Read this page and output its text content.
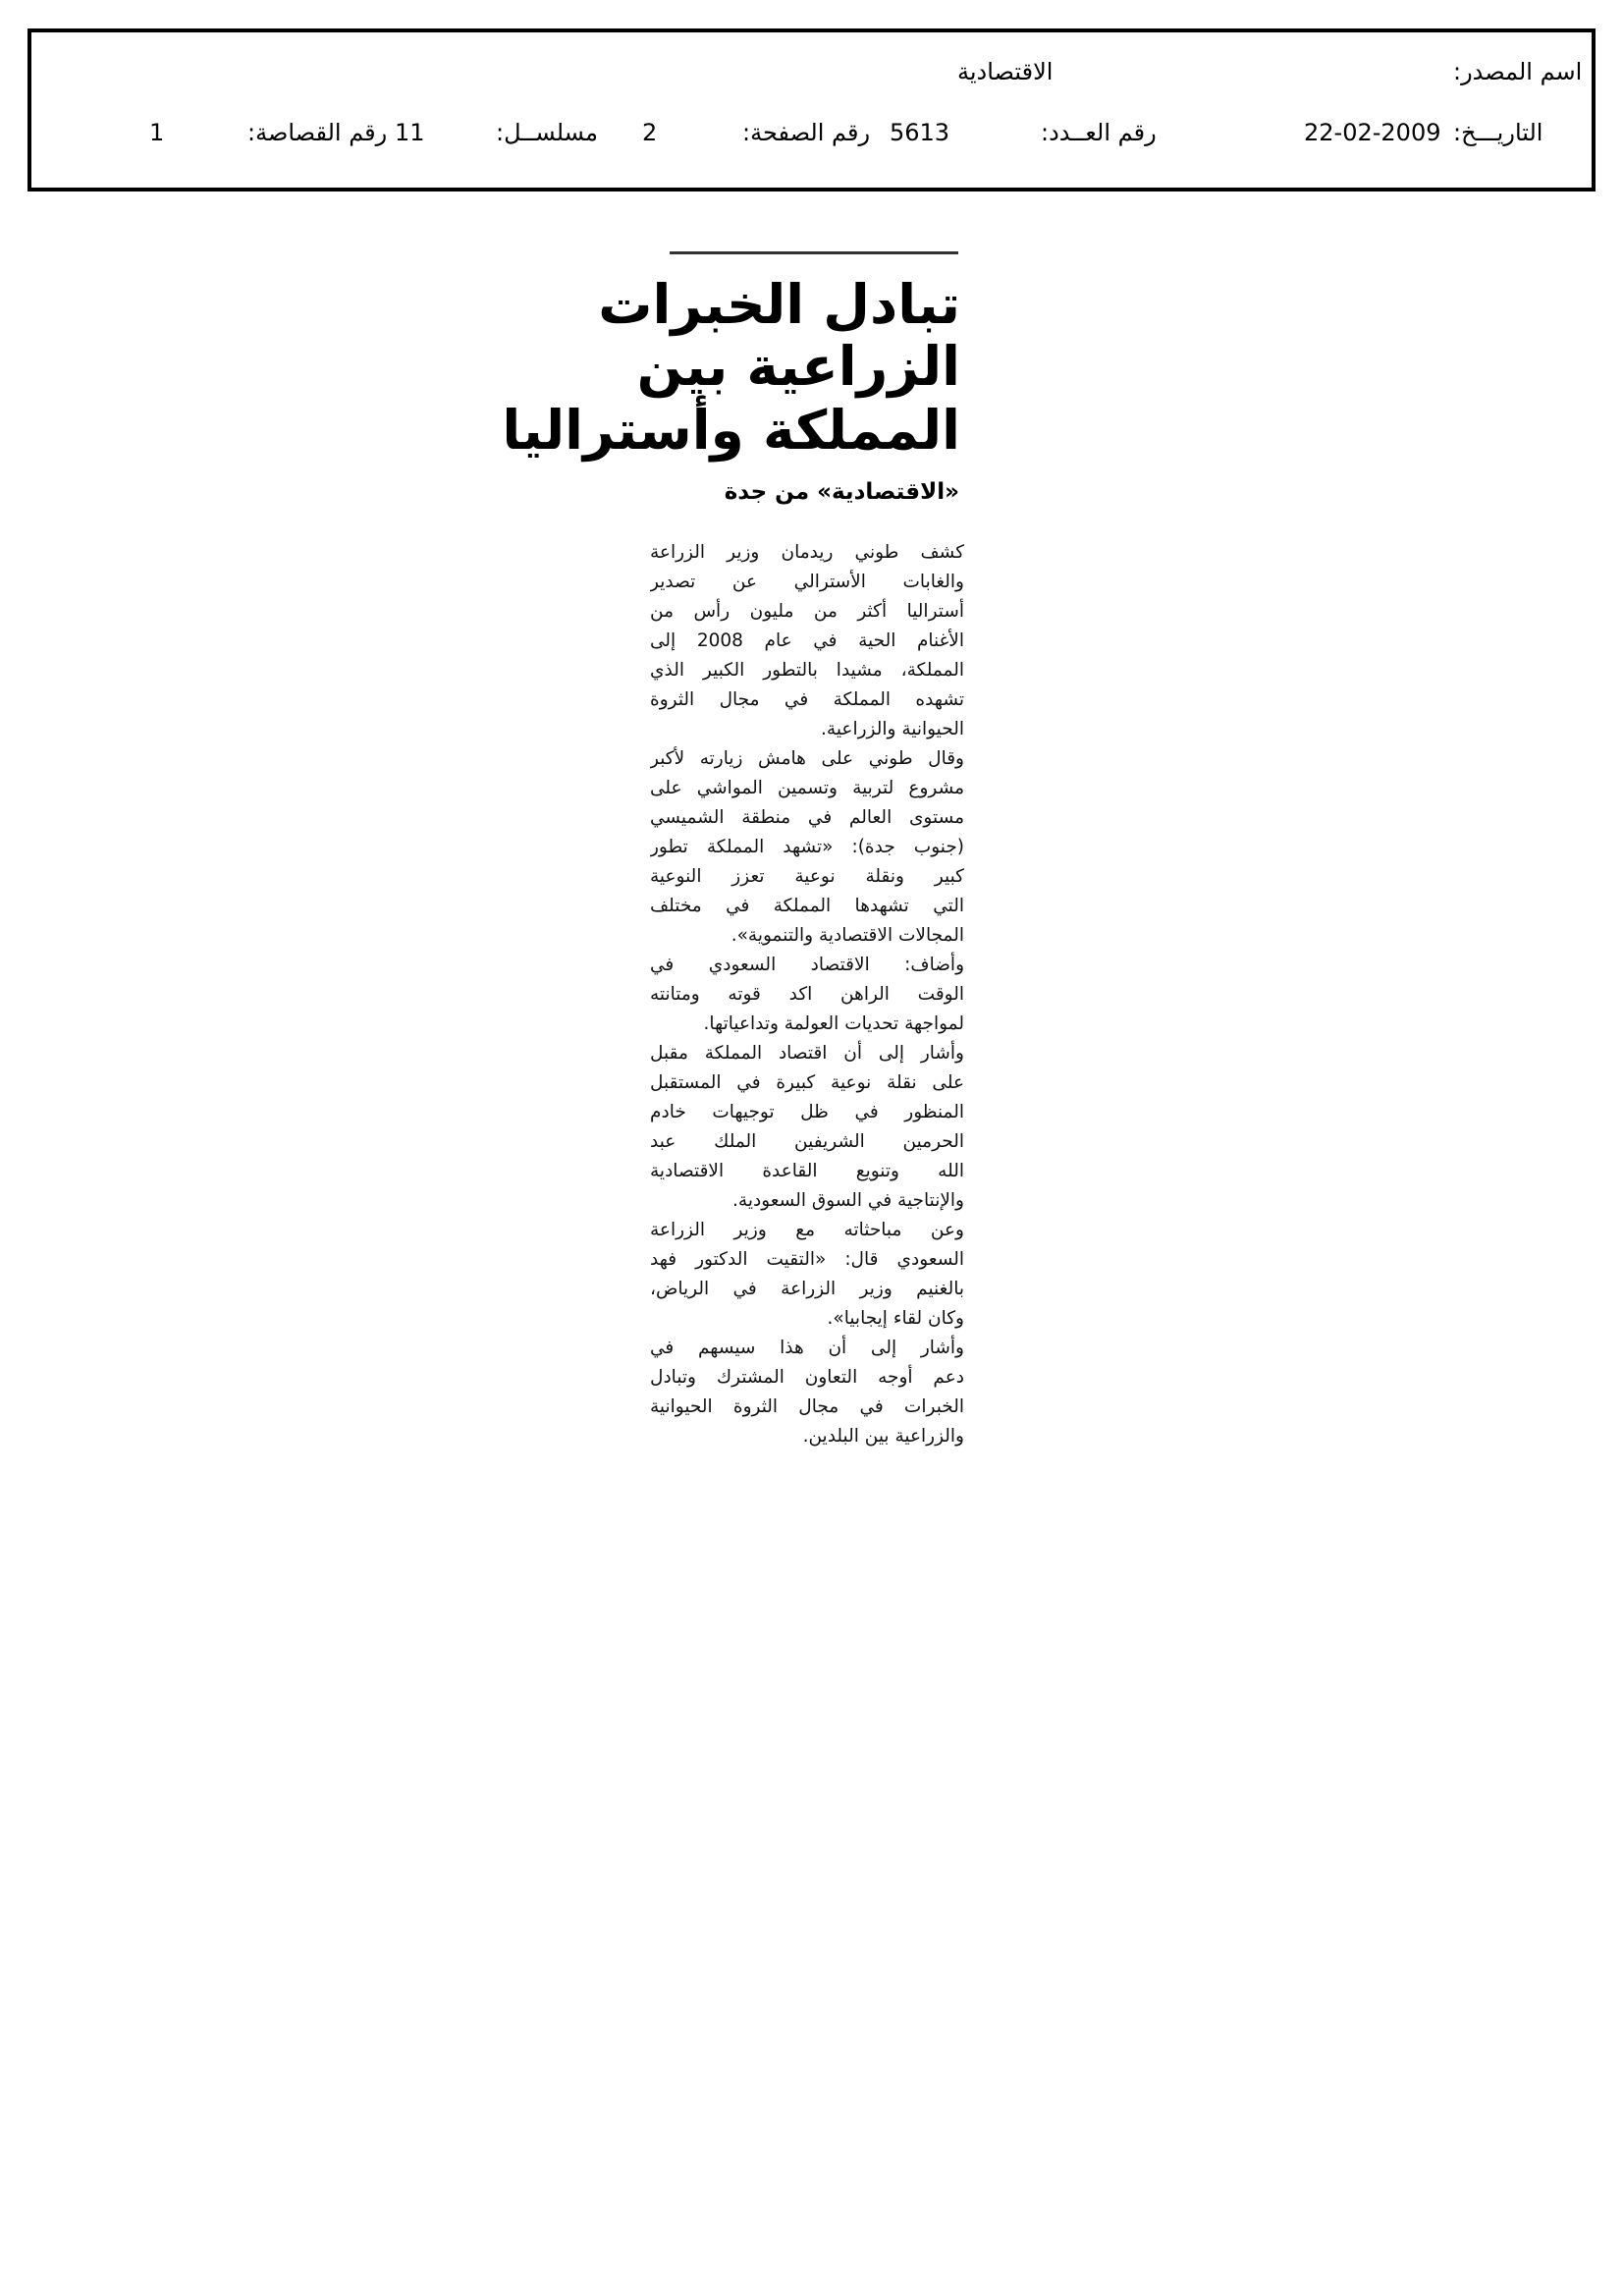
اسم المصدر:
الاقتصادية
التاريـــخ:
22-02-2009
رقم العــدد:
5613
رقم الصفحة:
2
مسلســل:
11
رقم القصاصة:
1
تبادل الخبرات
الزراعية بين
المملكة وأستراليا
«الاقتصادية» من جدة
كشف طوني ريدمان وزير الزراعة
والغابات الأسترالي عن تصدير
أستراليا أكثر من مليون رأس من
الأغنام الحية في عام 2008 إلى
المملكة، مشيدا بالتطور الكبير الذي
تشهده المملكة في مجال الثروة
الحيوانية والزراعية.
وقال طوني على هامش زيارته لأكبر
مشروع لتربية وتسمين المواشي على
مستوى العالم في منطقة الشميسي
(جنوب جدة): «تشهد المملكة تطور
كبير ونقلة نوعية تعزز النوعية
التي تشهدها المملكة في مختلف
المجالات الاقتصادية والتنموية».
وأضاف: الاقتصاد السعودي في
الوقت الراهن اكد قوته ومتانته
لمواجهة تحديات العولمة وتداعياتها.
وأشار إلى أن اقتصاد المملكة مقبل
على نقلة نوعية كبيرة في المستقبل
المنظور في ظل توجيهات خادم
الحرمين الشريفين الملك عبد
الله وتنويع القاعدة الاقتصادية
والإنتاجية في السوق السعودية.
وعن مباحثاته مع وزير الزراعة
السعودي قال: «التقيت الدكتور فهد
بالغنيم وزير الزراعة في الرياض،
وكان لقاء إيجابيا».
وأشار إلى أن هذا سيسهم في
دعم أوجه التعاون المشترك وتبادل
الخبرات في مجال الثروة الحيوانية
والزراعية بين البلدين.
